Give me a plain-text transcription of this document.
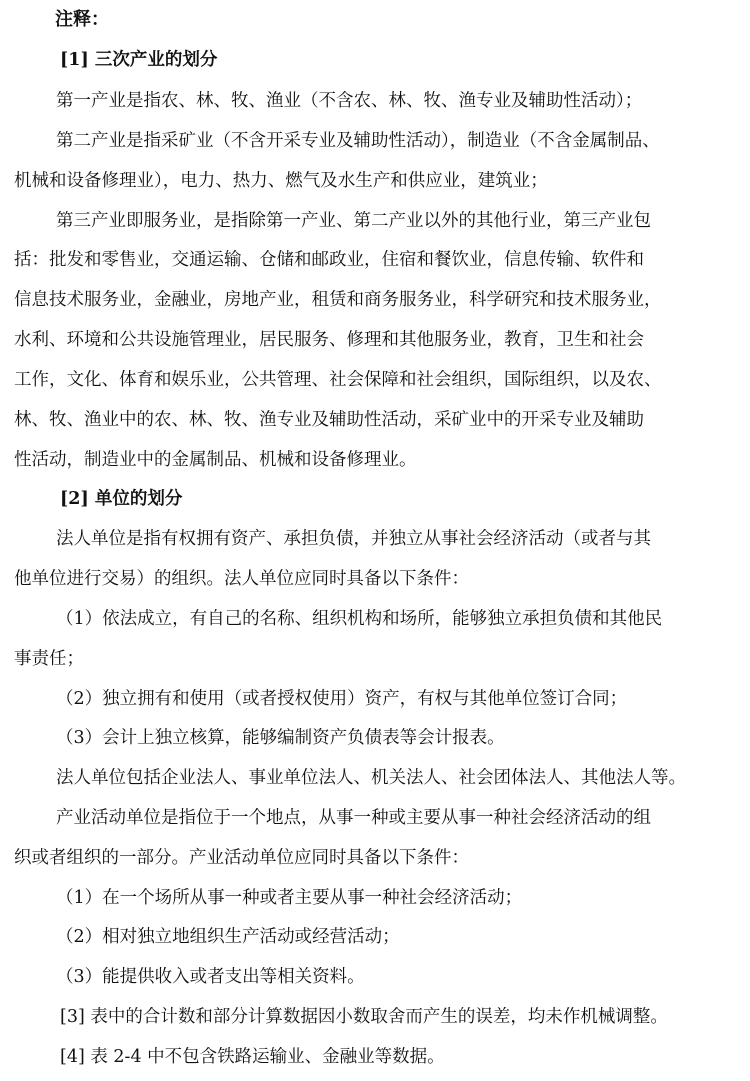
注释：
[1] 三次产业的划分
第一产业是指农、林、牧、渔业（不含农、林、牧、渔专业及辅助性活动）；
第二产业是指采矿业（不含开采专业及辅助性活动），制造业（不含金属制品、
机械和设备修理业），电力、热力、燃气及水生产和供应业，建筑业；
第三产业即服务业，是指除第一产业、第二产业以外的其他行业，第三产业包
括：批发和零售业，交通运输、仓储和邮政业，住宿和餐饮业，信息传输、软件和
信息技术服务业，金融业，房地产业，租赁和商务服务业，科学研究和技术服务业，
水利、环境和公共设施管理业，居民服务、修理和其他服务业，教育，卫生和社会
工作，文化、体育和娱乐业，公共管理、社会保障和社会组织，国际组织，以及农、
林、牧、渔业中的农、林、牧、渔专业及辅助性活动，采矿业中的开采专业及辅助
性活动，制造业中的金属制品、机械和设备修理业。
[2] 单位的划分
法人单位是指有权拥有资产、承担负债，并独立从事社会经济活动（或者与其
他单位进行交易）的组织。法人单位应同时具备以下条件：
（1）依法成立，有自己的名称、组织机构和场所，能够独立承担负债和其他民
事责任；
（2）独立拥有和使用（或者授权使用）资产，有权与其他单位签订合同；
（3）会计上独立核算，能够编制资产负债表等会计报表。
法人单位包括企业法人、事业单位法人、机关法人、社会团体法人、其他法人等。
产业活动单位是指位于一个地点，从事一种或主要从事一种社会经济活动的组
织或者组织的一部分。产业活动单位应同时具备以下条件：
（1）在一个场所从事一种或者主要从事一种社会经济活动；
（2）相对独立地组织生产活动或经营活动；
（3）能提供收入或者支出等相关资料。
[3] 表中的合计数和部分计算数据因小数取舍而产生的误差，均未作机械调整。
[4] 表 2-4 中不包含铁路运输业、金融业等数据。
